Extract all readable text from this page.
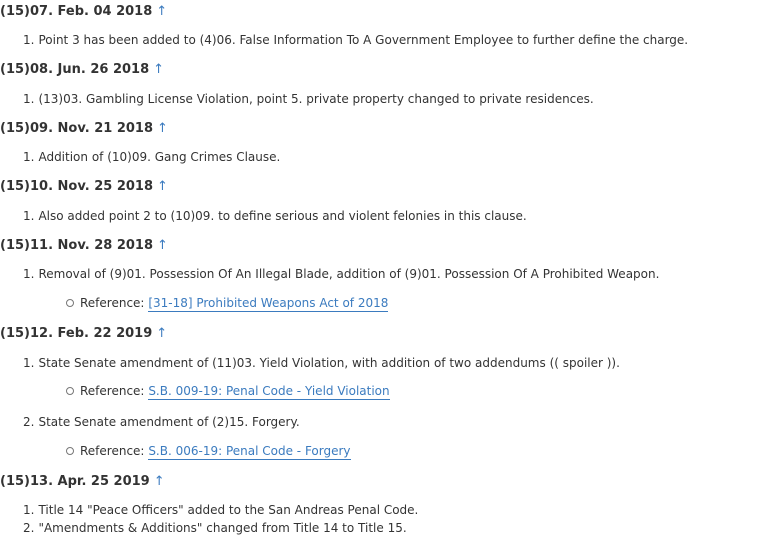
(15)07. Feb. 04 2018 ↑
1. Point 3 has been added to (4)06. False Information To A Government Employee to further define the charge.
(15)08. Jun. 26 2018 ↑
1. (13)03. Gambling License Violation, point 5. private property changed to private residences.
(15)09. Nov. 21 2018 ↑
1. Addition of (10)09. Gang Crimes Clause.
(15)10. Nov. 25 2018 ↑
1. Also added point 2 to (10)09. to define serious and violent felonies in this clause.
(15)11. Nov. 28 2018 ↑
1. Removal of (9)01. Possession Of An Illegal Blade, addition of (9)01. Possession Of A Prohibited Weapon.
Reference: [31-18] Prohibited Weapons Act of 2018
(15)12. Feb. 22 2019 ↑
1. State Senate amendment of (11)03. Yield Violation, with addition of two addendums (( spoiler )).
Reference: S.B. 009-19: Penal Code - Yield Violation
2. State Senate amendment of (2)15. Forgery.
Reference: S.B. 006-19: Penal Code - Forgery
(15)13. Apr. 25 2019 ↑
1. Title 14 "Peace Officers" added to the San Andreas Penal Code.
2. "Amendments & Additions" changed from Title 14 to Title 15.
